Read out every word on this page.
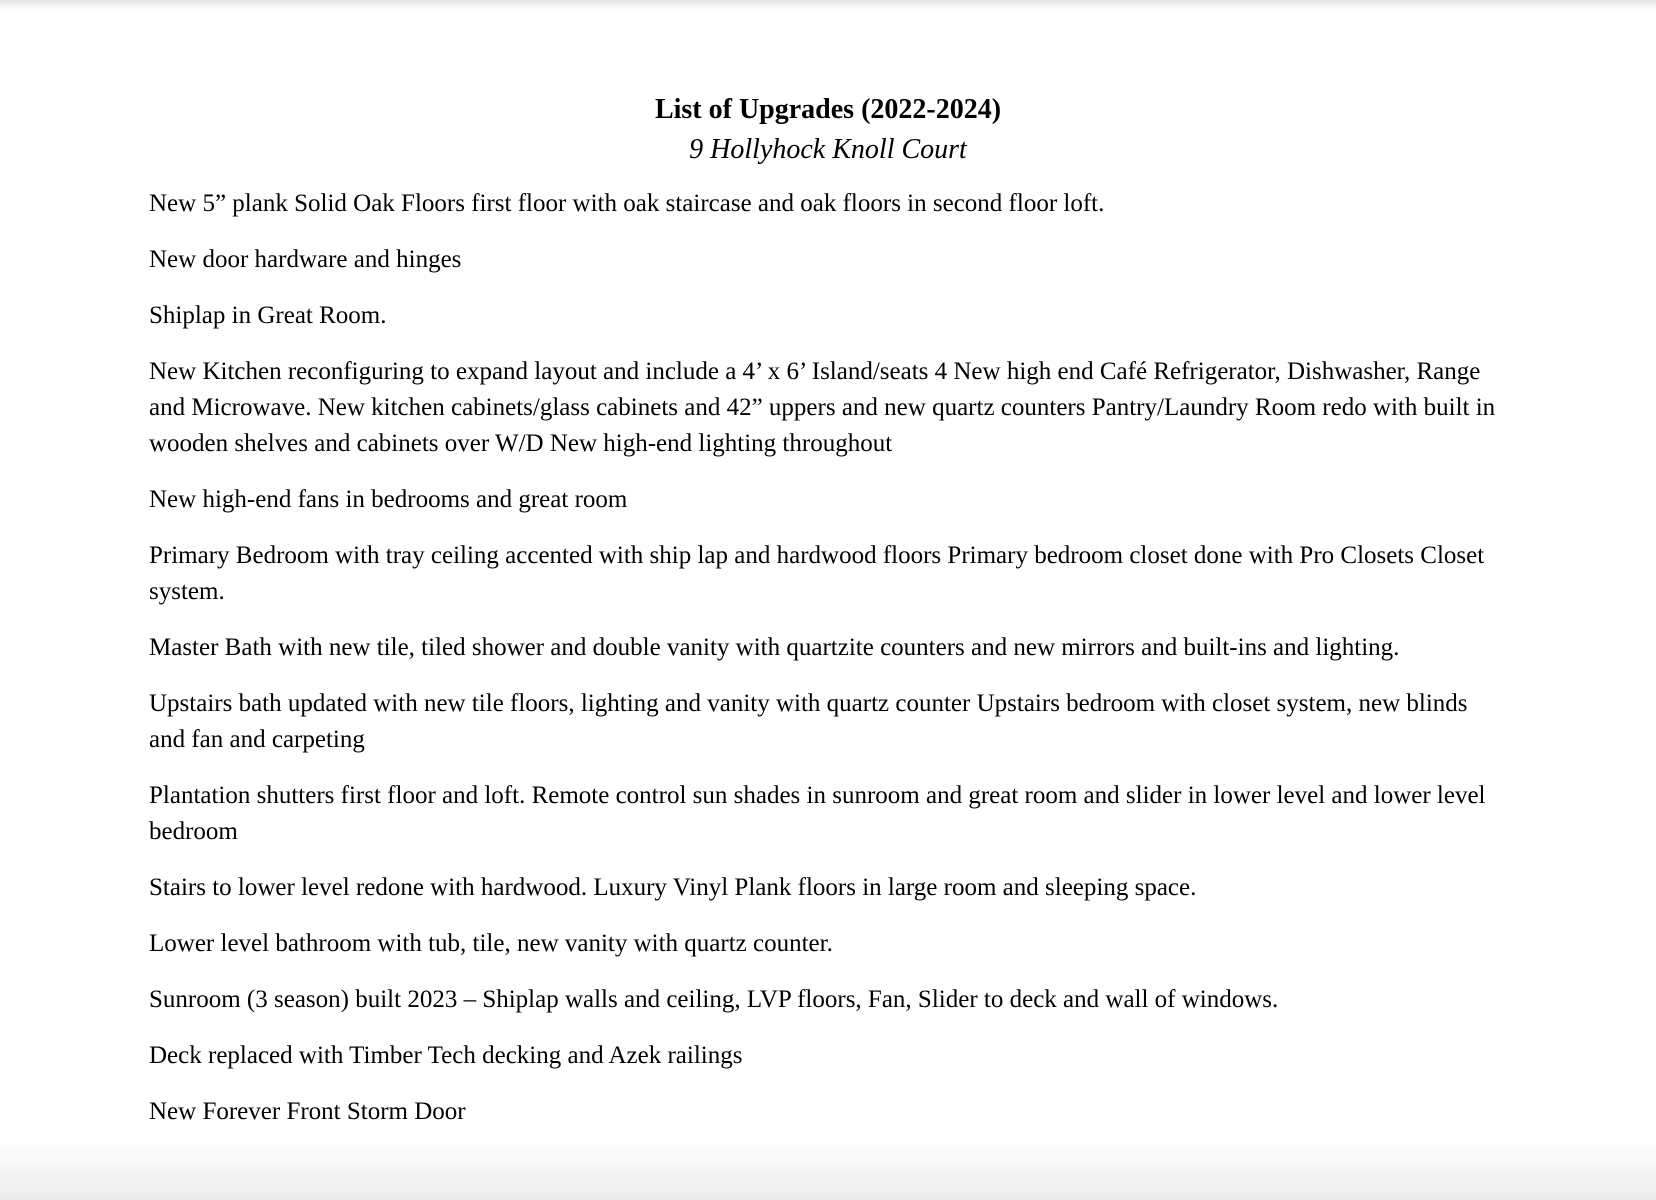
List of Upgrades (2022-2024)
9 Hollyhock Knoll Court

New 5” plank Solid Oak Floors first floor with oak staircase and oak floors in second floor loft.

New door hardware and hinges

Shiplap in Great Room.

New Kitchen reconfiguring to expand layout and include a 4’ x 6’ Island/seats 4 New high end Café Refrigerator, Dishwasher, Range and Microwave. New kitchen cabinets/glass cabinets and 42” uppers and new quartz counters Pantry/Laundry Room redo with built in wooden shelves and cabinets over W/D New high-end lighting throughout

New high-end fans in bedrooms and great room

Primary Bedroom with tray ceiling accented with ship lap and hardwood floors Primary bedroom closet done with Pro Closets Closet system.

Master Bath with new tile, tiled shower and double vanity with quartzite counters and new mirrors and built-ins and lighting.

Upstairs bath updated with new tile floors, lighting and vanity with quartz counter Upstairs bedroom with closet system, new blinds and fan and carpeting

Plantation shutters first floor and loft. Remote control sun shades in sunroom and great room and slider in lower level and lower level bedroom

Stairs to lower level redone with hardwood. Luxury Vinyl Plank floors in large room and sleeping space.

Lower level bathroom with tub, tile, new vanity with quartz counter.

Sunroom (3 season) built 2023 – Shiplap walls and ceiling, LVP floors, Fan, Slider to deck and wall of windows.

Deck replaced with Timber Tech decking and Azek railings

New Forever Front Storm Door
